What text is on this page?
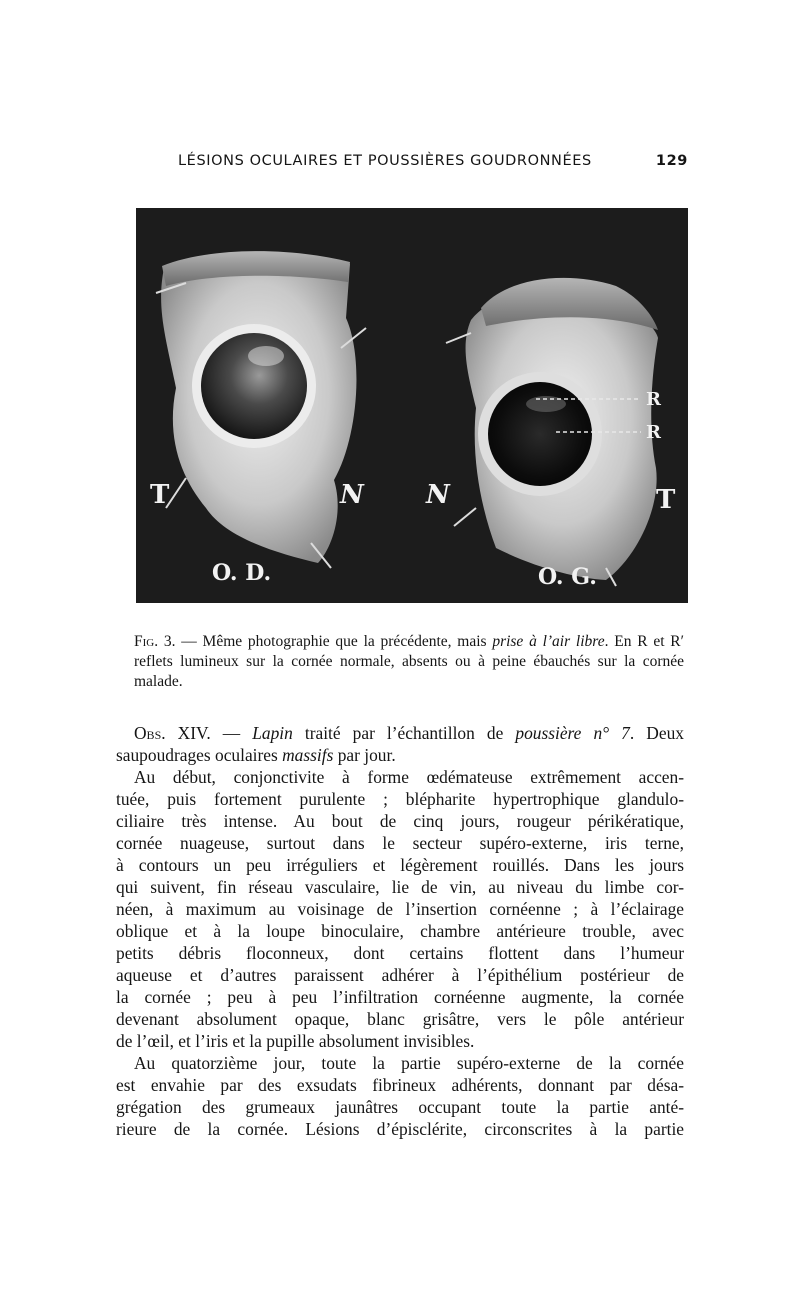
LÉSIONS OCULAIRES ET POUSSIÈRES GOUDRONNÉES	129
T	N
O. D.
N	T
O. G.
R
R

Fig. 3. — Même photographie que la précédente, mais prise à l’air libre. En R et R′ reflets lumineux sur la cornée normale, absents ou à peine ébauchés sur la cornée malade.

Obs. XIV. — Lapin traité par l’échantillon de poussière n° 7. Deux
saupoudrages oculaires massifs par jour.
Au début, conjonctivite à forme œdémateuse extrêmement accen-
tuée, puis fortement purulente ; blépharite hypertrophique glandulo-
ciliaire très intense. Au bout de cinq jours, rougeur périkératique,
cornée nuageuse, surtout dans le secteur supéro-externe, iris terne,
à contours un peu irréguliers et légèrement rouillés. Dans les jours
qui suivent, fin réseau vasculaire, lie de vin, au niveau du limbe cor-
néen, à maximum au voisinage de l’insertion cornéenne ; à l’éclairage
oblique et à la loupe binoculaire, chambre antérieure trouble, avec
petits débris floconneux, dont certains flottent dans l’humeur
aqueuse et d’autres paraissent adhérer à l’épithélium postérieur de
la cornée ; peu à peu l’infiltration cornéenne augmente, la cornée
devenant absolument opaque, blanc grisâtre, vers le pôle antérieur
de l’œil, et l’iris et la pupille absolument invisibles.
Au quatorzième jour, toute la partie supéro-externe de la cornée
est envahie par des exsudats fibrineux adhérents, donnant par désa-
grégation des grumeaux jaunâtres occupant toute la partie anté-
rieure de la cornée. Lésions d’épisclérite, circonscrites à la partie
